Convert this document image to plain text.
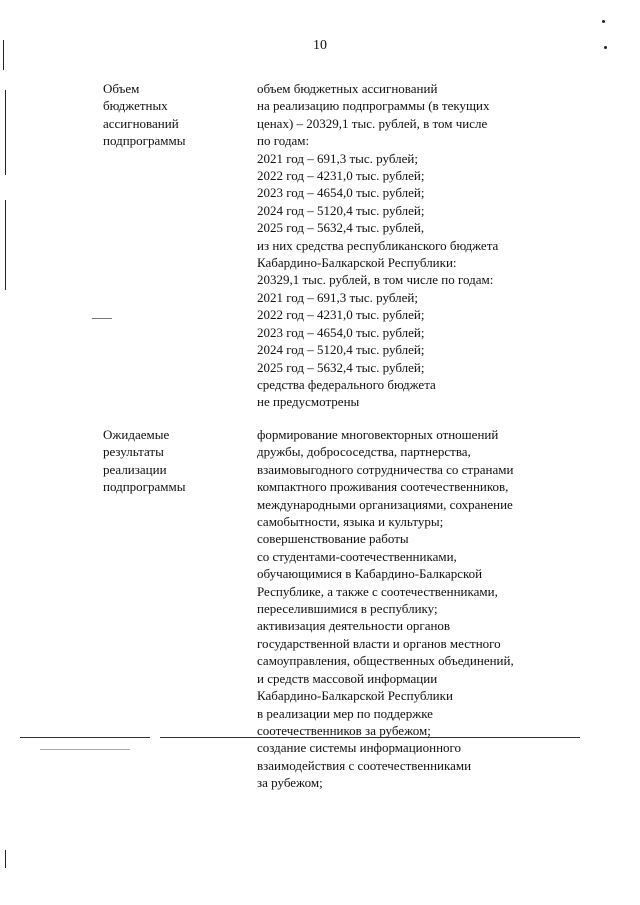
10
Объем
бюджетных
ассигнований
подпрограммы
объем бюджетных ассигнований
на реализацию подпрограммы (в текущих
ценах) – 20329,1 тыс. рублей, в том числе
по годам:
2021 год – 691,3 тыс. рублей;
2022 год – 4231,0 тыс. рублей;
2023 год – 4654,0 тыс. рублей;
2024 год – 5120,4 тыс. рублей;
2025 год – 5632,4 тыс. рублей,
из них средства республиканского бюджета
Кабардино-Балкарской Республики:
20329,1 тыс. рублей, в том числе по годам:
2021 год – 691,3 тыс. рублей;
2022 год – 4231,0 тыс. рублей;
2023 год – 4654,0 тыс. рублей;
2024 год – 5120,4 тыс. рублей;
2025 год – 5632,4 тыс. рублей;
средства федерального бюджета
не предусмотрены
Ожидаемые
результаты
реализации
подпрограммы
формирование многовекторных отношений
дружбы, добрососедства, партнерства,
взаимовыгодного сотрудничества со странами
компактного проживания соотечественников,
международными организациями, сохранение
самобытности, языка и культуры;
совершенствование работы
со студентами-соотечественниками,
обучающимися в Кабардино-Балкарской
Республике, а также с соотечественниками,
переселившимися в республику;
активизация деятельности органов
государственной власти и органов местного
самоуправления, общественных объединений,
и средств массовой информации
Кабардино-Балкарской Республики
в реализации мер по поддержке
соотечественников за рубежом;
создание системы информационного
взаимодействия с соотечественниками
за рубежом;
